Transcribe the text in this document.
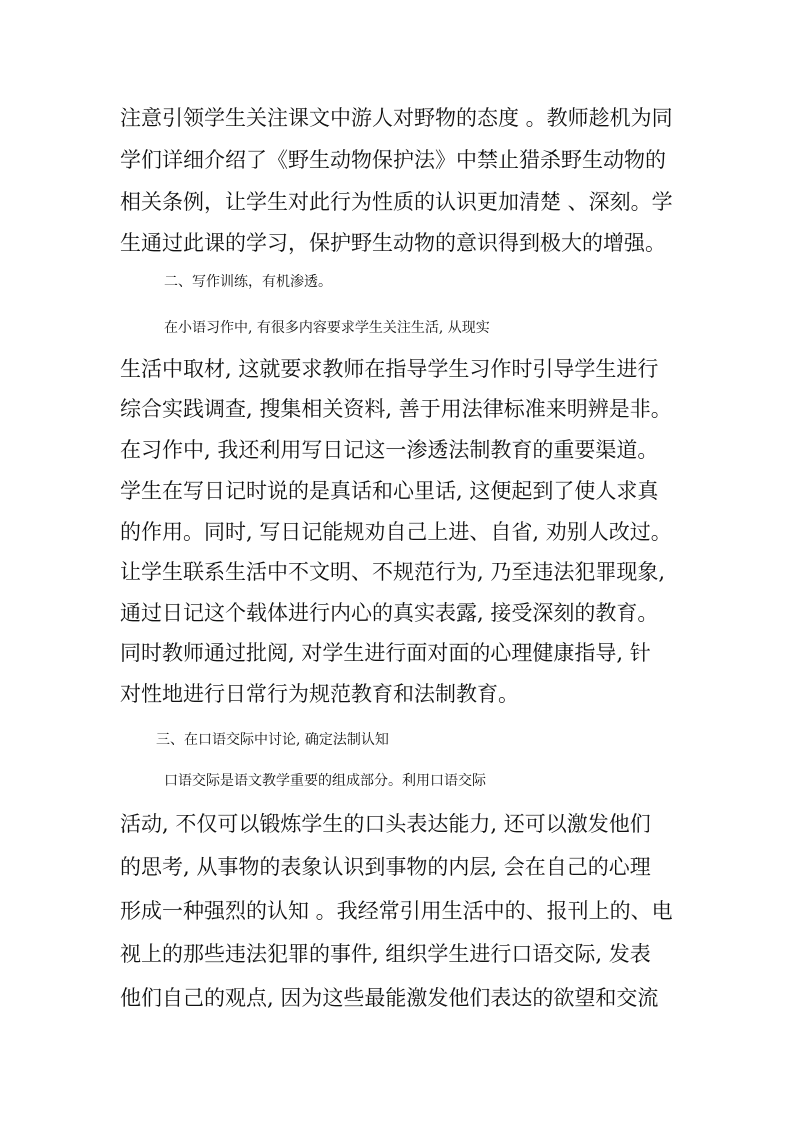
注意引领学生关注课文中游人对野物的态度 。教师趁机为同

学们详细介绍了《野生动物保护法》中禁止猎杀野生动物的

相关条例，让学生对此行为性质的认识更加清楚 、深刻。学

生通过此课的学习，保护野生动物的意识得到极大的增强。

二、写作训练，有机渗透。

在小语习作中, 有很多内容要求学生关注生活, 从现实

生活中取材, 这就要求教师在指导学生习作时引导学生进行

综合实践调查, 搜集相关资料, 善于用法律标准来明辨是非。

在习作中, 我还利用写日记这一渗透法制教育的重要渠道。

学生在写日记时说的是真话和心里话, 这便起到了使人求真

的作用。同时, 写日记能规劝自己上进、自省, 劝别人改过。

让学生联系生活中不文明、不规范行为, 乃至违法犯罪现象,

通过日记这个载体进行内心的真实表露, 接受深刻的教育。

同时教师通过批阅, 对学生进行面对面的心理健康指导, 针

对性地进行日常行为规范教育和法制教育。

三、在口语交际中讨论, 确定法制认知

口语交际是语文教学重要的组成部分。利用口语交际

活动, 不仅可以锻炼学生的口头表达能力, 还可以激发他们

的思考, 从事物的表象认识到事物的内层, 会在自己的心理

形成一种强烈的认知 。我经常引用生活中的、报刊上的、电

视上的那些违法犯罪的事件, 组织学生进行口语交际, 发表

他们自己的观点, 因为这些最能激发他们表达的欲望和交流
